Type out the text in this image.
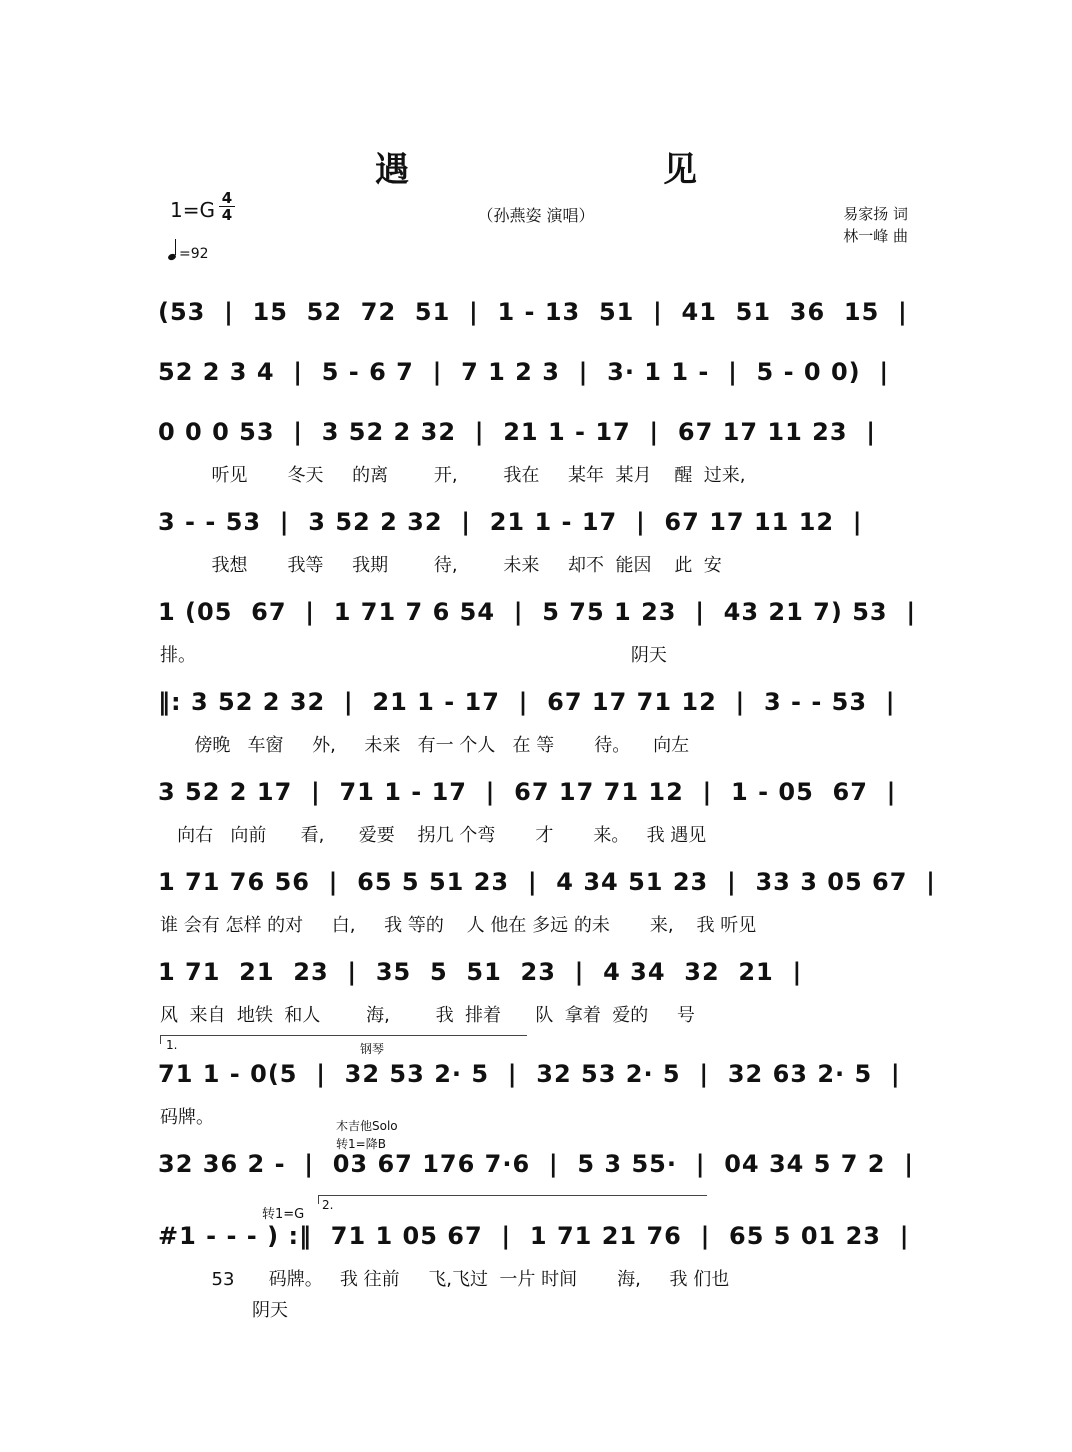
遇　见
（孙燕姿 演唱）
1=G 4
4
=92
易家扬 词
林一峰 曲
(53  |  15  52  72  51  |  1 - 13  51  |  41  51  36  15  |
52 2 3 4  |  5 - 6 7  |  7 1 2 3  |  3· 1 1 -  |  5 - 0 0)  |
0 0 0 53  |  3 52 2 32  |  21 1 - 17  |  67 17 11 23  |
听见       冬天     的离        开,        我在     某年  某月    醒  过来,
3 - - 53  |  3 52 2 32  |  21 1 - 17  |  67 17 11 12  |
我想       我等     我期        待,        未来     却不  能因    此  安
1 (05  67  |  1 71 7 6 54  |  5 75 1 23  |  43 21 7) 53  |
排。                                                                            阴天
‖: 3 52 2 32  |  21 1 - 17  |  67 17 71 12  |  3 - - 53  |
傍晚   车窗     外,     未来   有一 个人   在 等       待。    向左
3 52 2 17  |  71 1 - 17  |  67 17 71 12  |  1 - 05  67  |
向右   向前      看,      爱要    拐几 个弯       才       来。   我 遇见
1 71 76 56  |  65 5 51 23  |  4 34 51 23  |  33 3 05 67  |
谁 会有 怎样 的对     白,     我 等的    人 他在 多远 的未       来,    我 听见
1 71  21  23  |  35  5  51  23  |  4 34  32  21  |
风  来自  地铁  和人        海,        我  排着      队  拿着  爱的     号
1.	钢琴
71 1 - 0(5  |  32 53 2· 5  |  32 53 2· 5  |  32 63 2· 5  |
码牌。	木吉他Solo
转1=降B
32 36 2 -  |  03 67 176 7·6  |  5 3 55·  |  04 34 5 7 2  |
转1=G
2.
#1 - - - ) :‖  71 1 05 67  |  1 71 21 76  |  65 5 01 23  |
53      码牌。   我 往前     飞,飞过  一片 时间       海,     我 们也
阴天
